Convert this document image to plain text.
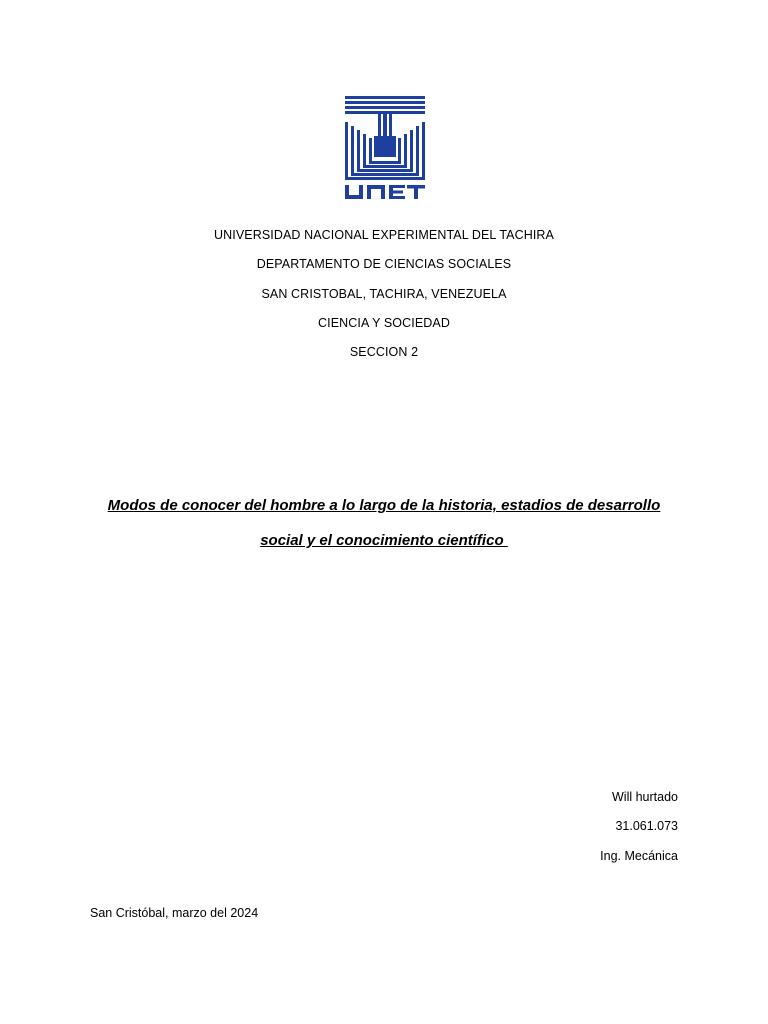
UNIVERSIDAD NACIONAL EXPERIMENTAL DEL TACHIRA
DEPARTAMENTO DE CIENCIAS SOCIALES
SAN CRISTOBAL, TACHIRA, VENEZUELA
CIENCIA Y SOCIEDAD
SECCION 2
Modos de conocer del hombre a lo largo de la historia, estadios de desarrollo
social y el conocimiento científico
Will hurtado
31.061.073
Ing. Mecánica
San Cristóbal, marzo del 2024
